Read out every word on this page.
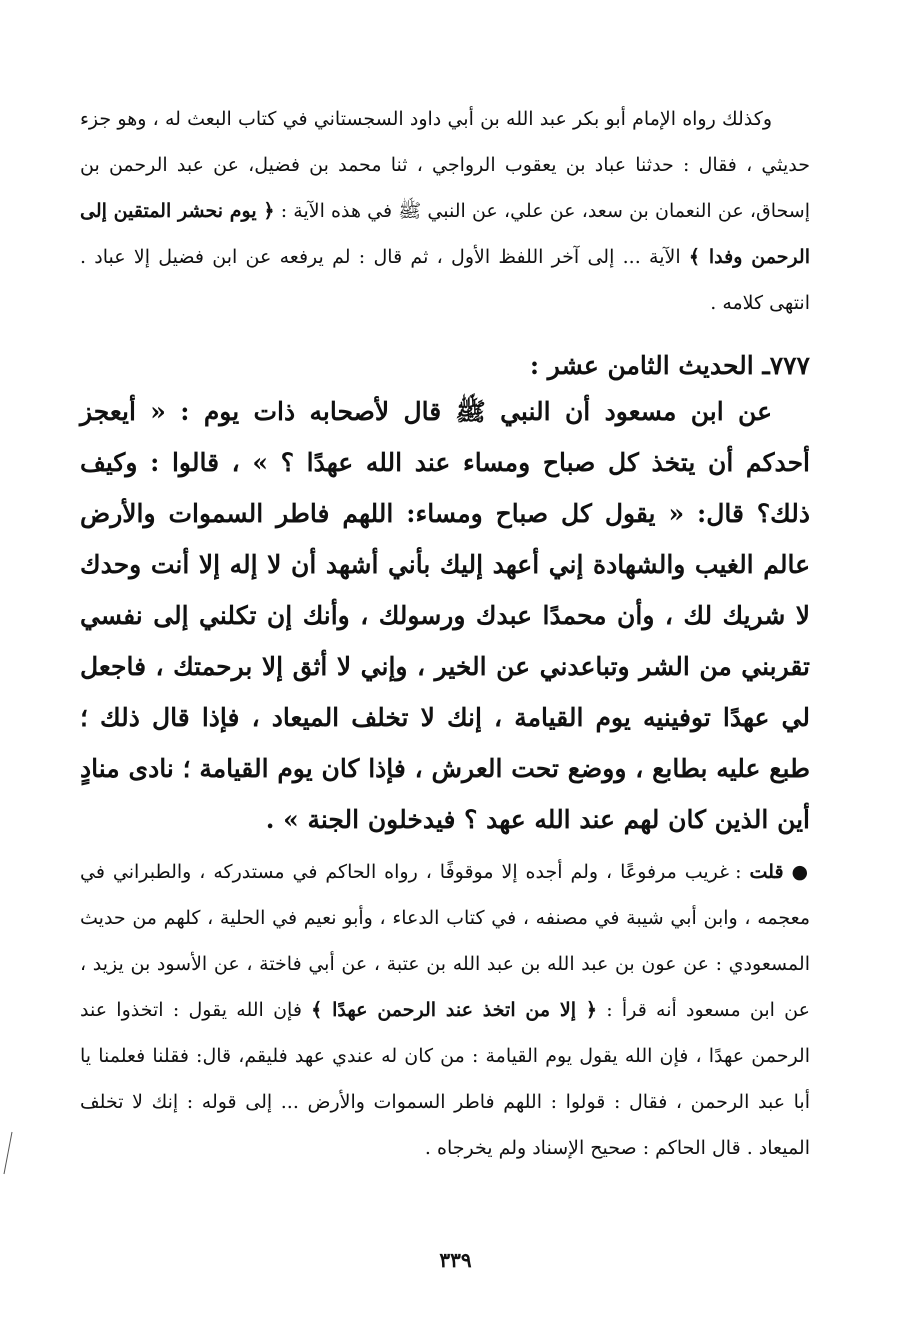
وكذلك رواه الإمام أبو بكر عبد الله بن أبي داود السجستاني في كتاب البعث له ، وهو جزء حديثي ، فقال : حدثنا عباد بن يعقوب الرواجي ، ثنا محمد بن فضيل، عن عبد الرحمن بن إسحاق، عن النعمان بن سعد، عن علي، عن النبي ﷺ في هذه الآية : ﴿ يوم نحشر المتقين إلى الرحمن وفدا ﴾ الآية ... إلى آخر اللفظ الأول ، ثم قال : لم يرفعه عن ابن فضيل إلا عباد . انتهى كلامه .

٧٧٧ـ الحديث الثامن عشر :

عن ابن مسعود أن النبي ﷺ قال لأصحابه ذات يوم : « أيعجز أحدكم أن يتخذ كل صباح ومساء عند الله عهدًا ؟ » ، قالوا : وكيف ذلك؟ قال: « يقول كل صباح ومساء: اللهم فاطر السموات والأرض عالم الغيب والشهادة إني أعهد إليك بأني أشهد أن لا إله إلا أنت وحدك لا شريك لك ، وأن محمدًا عبدك ورسولك ، وأنك إن تكلني إلى نفسي تقربني من الشر وتباعدني عن الخير ، وإني لا أثق إلا برحمتك ، فاجعل لي عهدًا توفينيه يوم القيامة ، إنك لا تخلف الميعاد ، فإذا قال ذلك ؛ طبع عليه بطابع ، ووضع تحت العرش ، فإذا كان يوم القيامة ؛ نادى منادٍ أين الذين كان لهم عند الله عهد ؟ فيدخلون الجنة » .

● قلت : غريب مرفوعًا ، ولم أجده إلا موقوفًا ، رواه الحاكم في مستدركه ، والطبراني في معجمه ، وابن أبي شيبة في مصنفه ، في كتاب الدعاء ، وأبو نعيم في الحلية ، كلهم من حديث المسعودي : عن عون بن عبد الله بن عبد الله بن عتبة ، عن أبي فاختة ، عن الأسود بن يزيد ، عن ابن مسعود أنه قرأ : ﴿ إلا من اتخذ عند الرحمن عهدًا ﴾ فإن الله يقول : اتخذوا عند الرحمن عهدًا ، فإن الله يقول يوم القيامة : من كان له عندي عهد فليقم، قال: فقلنا فعلمنا يا أبا عبد الرحمن ، فقال : قولوا : اللهم فاطر السموات والأرض ... إلى قوله : إنك لا تخلف الميعاد . قال الحاكم : صحيح الإسناد ولم يخرجاه .

٣٣٩
